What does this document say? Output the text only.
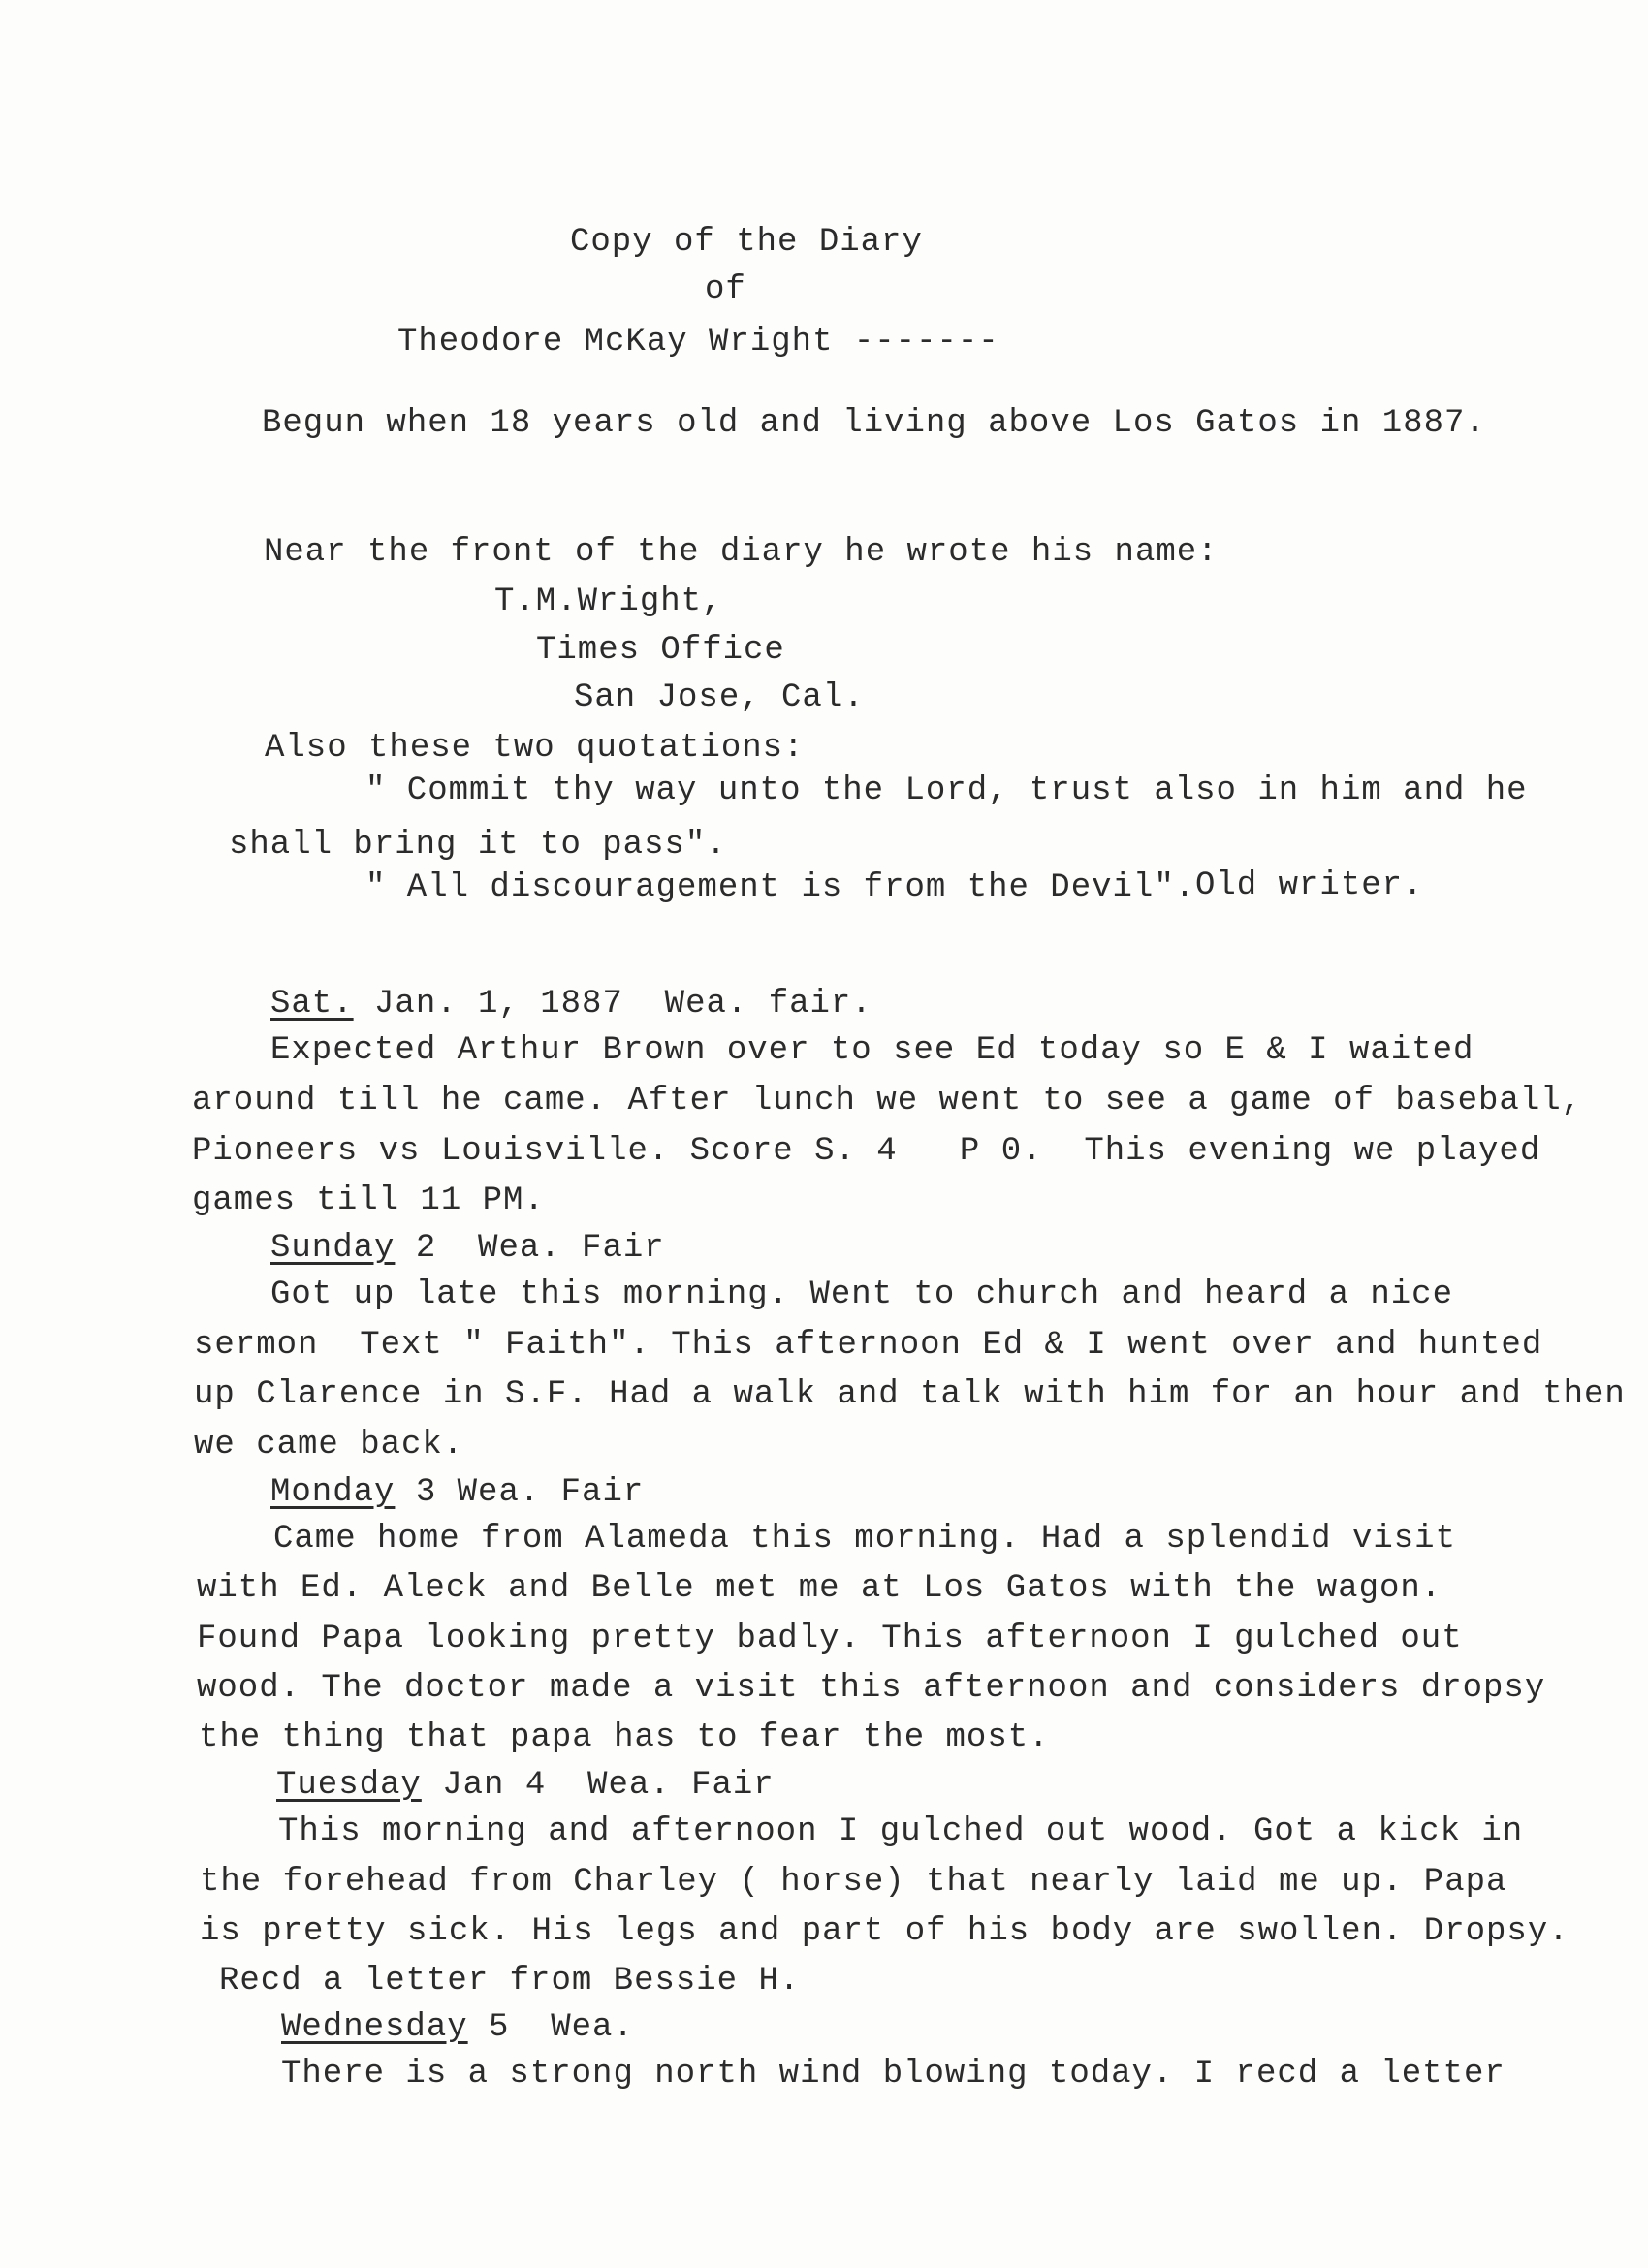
Copy of the Diary
of
Theodore McKay Wright -------
Begun when 18 years old and living above Los Gatos in 1887.
Near the front of the diary he wrote his name:
T.M.Wright,
Times Office
San Jose, Cal.
Also these two quotations:
" Commit thy way unto the Lord, trust also in him and he
shall bring it to pass".
" All discouragement is from the Devil". Old writer.
Sat. Jan. 1, 1887  Wea. fair.
Expected Arthur Brown over to see Ed today so E & I waited
around till he came. After lunch we went to see a game of baseball,
Pioneers vs Louisville. Score S. 4   P 0.  This evening we played
games till 11 PM.
Sunday 2  Wea. Fair
Got up late this morning. Went to church and heard a nice
sermon  Text " Faith". This afternoon Ed & I went over and hunted
up Clarence in S.F. Had a walk and talk with him for an hour and then
we came back.
Monday 3 Wea. Fair
Came home from Alameda this morning. Had a splendid visit
with Ed. Aleck and Belle met me at Los Gatos with the wagon.
Found Papa looking pretty badly. This afternoon I gulched out
wood. The doctor made a visit this afternoon and considers dropsy
the thing that papa has to fear the most.
Tuesday Jan 4  Wea. Fair
This morning and afternoon I gulched out wood. Got a kick in
the forehead from Charley ( horse) that nearly laid me up. Papa
is pretty sick. His legs and part of his body are swollen. Dropsy.
Recd a letter from Bessie H.
Wednesday 5  Wea.
There is a strong north wind blowing today. I recd a letter
